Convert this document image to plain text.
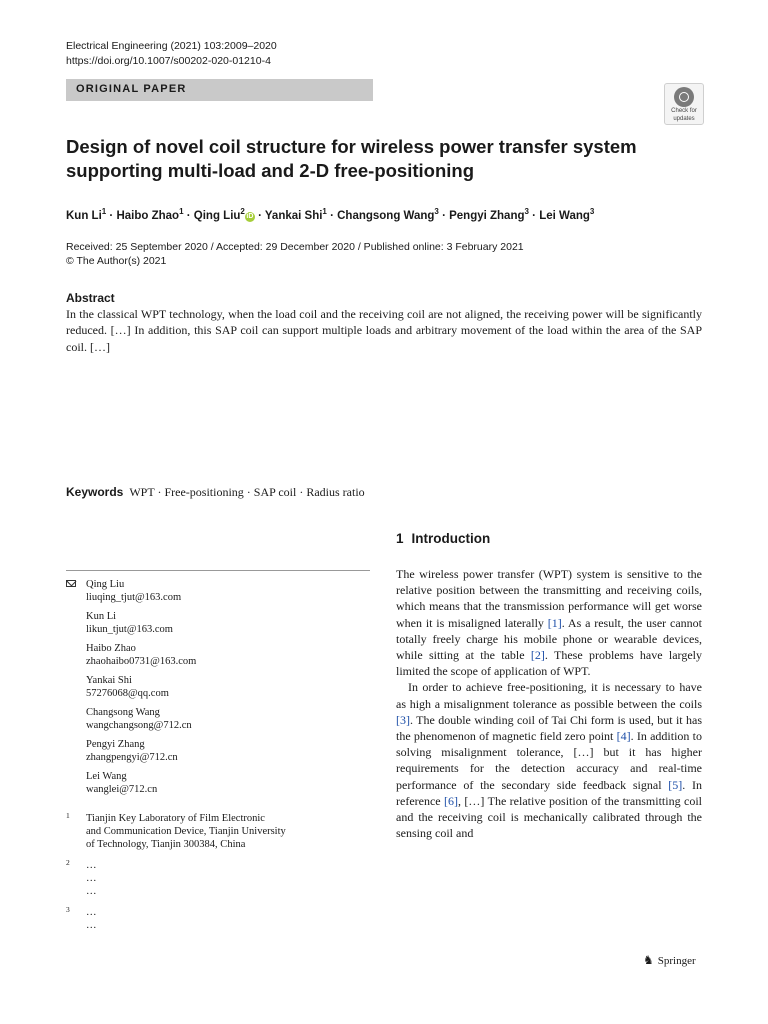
Electrical Engineering (2021) 103:2009–2020
https://doi.org/10.1007/s00202-020-01210-4
ORIGINAL PAPER
Check for
updates
Design of novel coil structure for wireless power transfer system supporting multi-load and 2-D free-positioning
Kun $Li^1$ · Haibo Zhao$^1$ · Qing Liu$^2$iD · Yankai Shi$^1$ · Changsong Wang$^3$ · Pengyi Zhang$^3$ · Lei Wang$^3$
Received: 25 September 2020 / Accepted: 29 December 2020 / Published online: 3 February 2021
© The Author(s) 2021
Abstract
In the classical WPT technology, when the load coil and the receiving coil are not aligned, the receiving power will be significantly reduced. […] In addition, this SAP coil can support multiple loads and arbitrary movement of the load within the area of the SAP coil. […]
Keywords WPT · Free-positioning · SAP coil · Radius ratio
1 Introduction

The wireless power transfer (WPT) system is sensitive to the relative position between the transmitting and receiving coils, which means that the transmission performance will get worse when it is misaligned laterally [1]. As a result, the user cannot totally freely charge his mobile phone or wearable devices, while sitting at the table [2]. These problems have largely limited the scope of application of WPT.

In order to achieve free-positioning, it is necessary to have as high a misalignment tolerance as possible between the coils [3]. The double winding coil of Tai Chi form is used, but it has the phenomenon of magnetic field zero point [4]. In addition to solving misalignment tolerance, […] but it has higher requirements for the detection accuracy and real-time performance of the secondary side feedback signal [5]. In reference [6], […] The relative position of the transmitting coil and the receiving coil is mechanically calibrated through the sensing coil and

Qing Liu
liuqing_tjut@163.com
Kun Li
likun_tjut@163.com
Haibo Zhao
zhaohaibo0731@163.com
Yankai Shi
57276068@qq.com
Changsong Wang
wangchangsong@712.cn
Pengyi Zhang
zhangpengyi@712.cn
Lei Wang
wanglei@712.cn
1 Tianjin Key Laboratory of Film Electronic
and Communication Device, Tianjin University
of Technology, Tianjin 300384, China
2 …
…
…
3 …
…
♞ Springer
